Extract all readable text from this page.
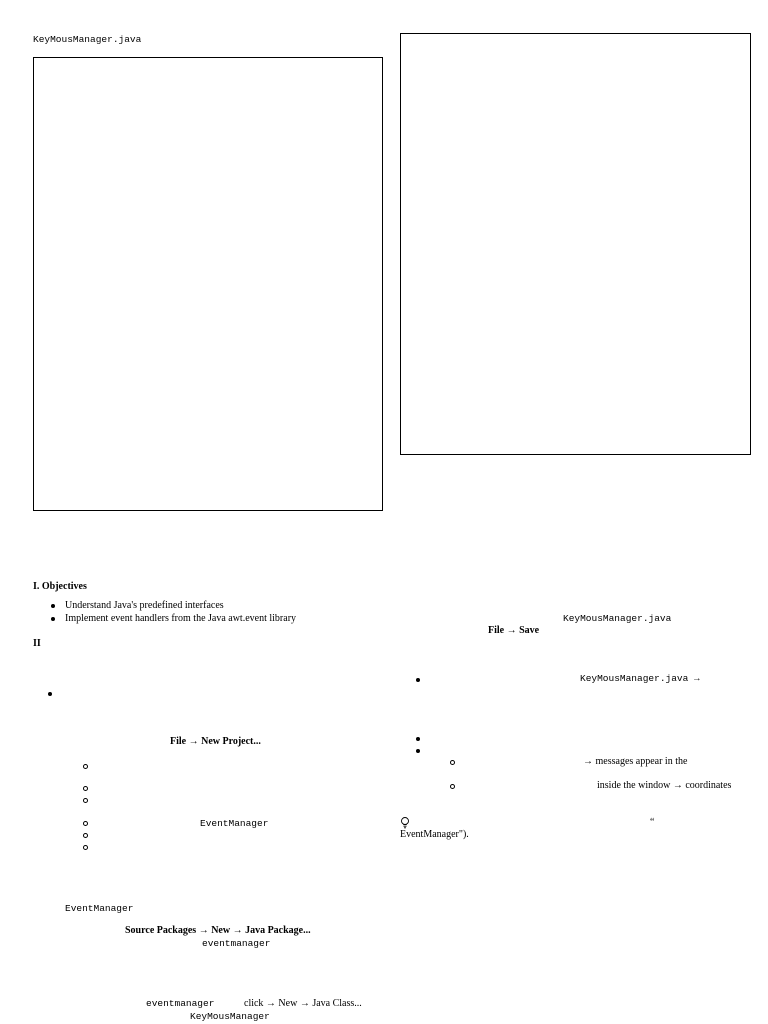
KeyMousManager.java
I. Objectives
Understand Java's predefined interfaces
Implement event handlers from the Java awt.event library
II
File → New Project...
EventManager
EventManager
Source Packages → New → Java Package...
eventmanager
eventmanager	click → New → Java Class...
KeyMousManager
KeyMousManager.java
File → Save
KeyMousManager.java →
→ messages appear in the
inside the window → coordinates
“
EventManager").
